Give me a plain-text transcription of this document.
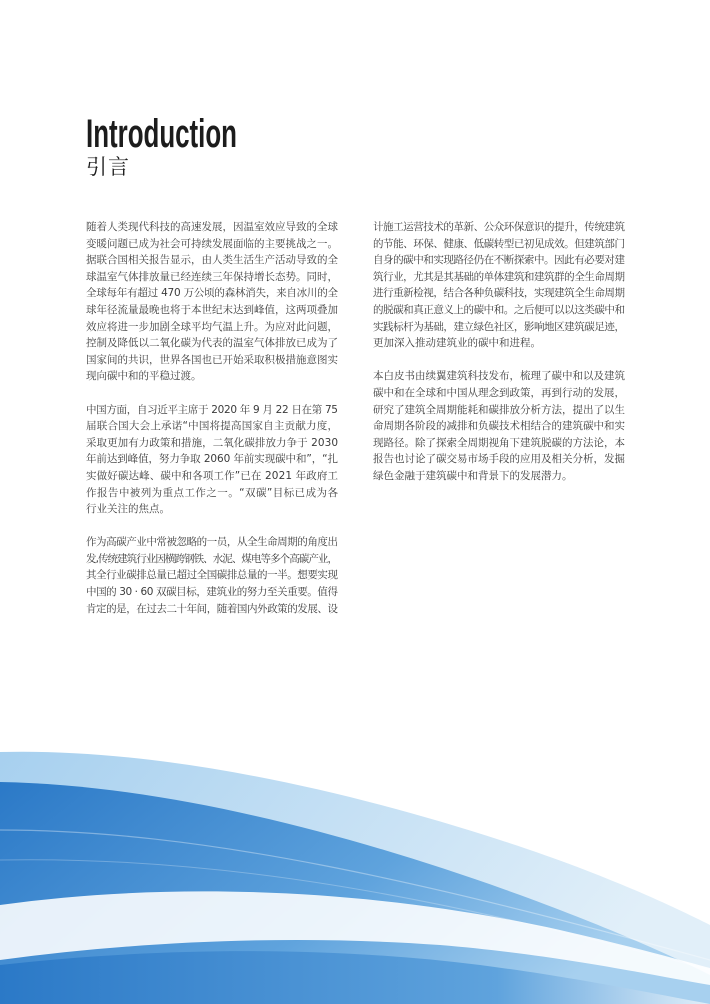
Introduction
引言
随着人类现代科技的高速发展，因温室效应导致的全球
变暖问题已成为社会可持续发展面临的主要挑战之一。
据联合国相关报告显示，由人类生活生产活动导致的全
球温室气体排放量已经连续三年保持增长态势。同时，
全球每年有超过 470 万公顷的森林消失，来自冰川的全
球年径流量最晚也将于本世纪末达到峰值，这两项叠加
效应将进一步加剧全球平均气温上升。为应对此问题，
控制及降低以二氧化碳为代表的温室气体排放已成为了
国家间的共识，世界各国也已开始采取积极措施意图实
现向碳中和的平稳过渡。
中国方面，自习近平主席于 2020 年 9 月 22 日在第 75
届联合国大会上承诺“中国将提高国家自主贡献力度，
采取更加有力政策和措施，二氧化碳排放力争于 2030
年前达到峰值，努力争取 2060 年前实现碳中和”，“扎
实做好碳达峰、碳中和各项工作”已在 2021 年政府工
作报告中被列为重点工作之一。“双碳”目标已成为各
行业关注的焦点。
作为高碳产业中常被忽略的一员，从全生命周期的角度出
发,传统建筑行业因横跨钢铁、水泥、煤电等多个高碳产业，
其全行业碳排总量已超过全国碳排总量的一半。想要实现
中国的 30 · 60 双碳目标，建筑业的努力至关重要。值得
肯定的是，在过去二十年间，随着国内外政策的发展、设
计施工运营技术的革新、公众环保意识的提升，传统建筑
的节能、环保、健康、低碳转型已初见成效。但建筑部门
自身的碳中和实现路径仍在不断探索中。因此有必要对建
筑行业，尤其是其基础的单体建筑和建筑群的全生命周期
进行重新检视，结合各种负碳科技，实现建筑全生命周期
的脱碳和真正意义上的碳中和。之后便可以以这类碳中和
实践标杆为基础，建立绿色社区，影响地区建筑碳足迹，
更加深入推动建筑业的碳中和进程。
本白皮书由续翼建筑科技发布，梳理了碳中和以及建筑
碳中和在全球和中国从理念到政策，再到行动的发展，
研究了建筑全周期能耗和碳排放分析方法，提出了以生
命周期各阶段的减排和负碳技术相结合的建筑碳中和实
现路径。除了探索全周期视角下建筑脱碳的方法论，本
报告也讨论了碳交易市场手段的应用及相关分析，发掘
绿色金融于建筑碳中和背景下的发展潜力。
